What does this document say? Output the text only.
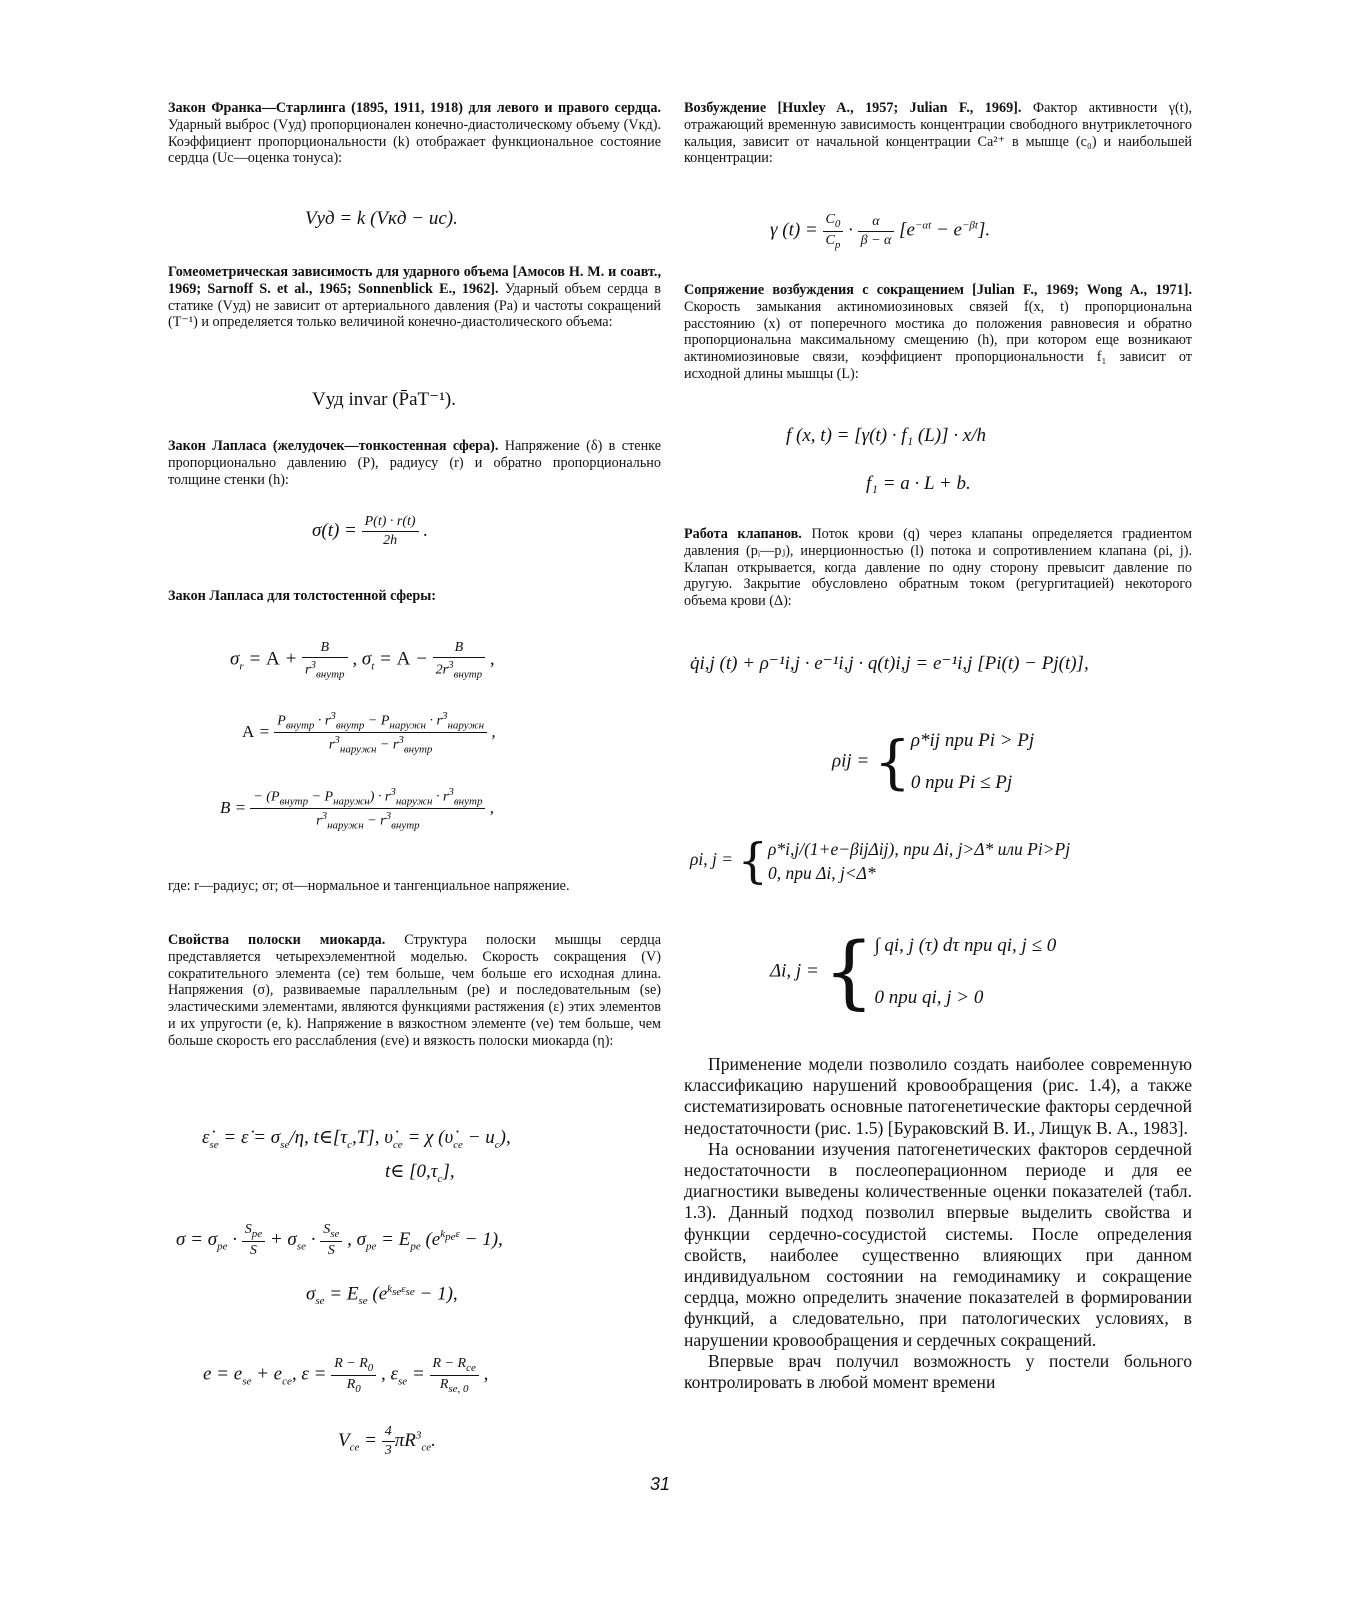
Закон Франка—Старлинга (1895, 1911, 1918) для левого и правого сердца. Ударный выброс (Vуд) пропорционален конечно-диастолическому объему (Vкд). Коэффициент пропорциональности (k) отображает функциональное состояние сердца (Uс—оценка тонуса):

Vуд = k (Vкд − uс).

Гомеометрическая зависимость для ударного объема [Амосов Н. М. и соавт., 1969; Sarnoff S. et al., 1965; Sonnenblick E., 1962]. Ударный объем сердца в статике (Vуд) не зависит от артериального давления (Pа) и частоты сокращений (T⁻¹) и определяется только величиной конечно-диастолического объема:

Vуд invar (P̄аT⁻¹).

Закон Лапласа (желудочек—тонкостенная сфера). Напряжение (δ) в стенке пропорционально давлению (P), радиусу (r) и обратно пропорционально толщине стенки (h):

$\sigma(t) = \frac{P(t) \cdot r(t)}{2h}$ .

Закон Лапласа для толстостенной сферы:

$\sigma_r = A + \frac{B}{r^3_{внутр}}$ , $\sigma_t = A - \frac{B}{2r^3_{внутр}}$ ,
$A = \frac{P_{внутр} \cdot r^3_{внутр} - P_{наружн} \cdot r^3_{наружн}}{r^3_{наружн} - r^3_{внутр}}$ ,
$B = \frac{- (P_{внутр} - P_{наружн}) \cdot r^3_{наружн} \cdot r^3_{внутр}}{r^3_{наружн} - r^3_{внутр}}$ ,

где: r—радиус; σr; σt—нормальное и тангенциальное напряжение.

Свойства полоски миокарда. Структура полоски мышцы сердца представляется четырехэлементной моделью. Скорость сокращения (V) сократительного элемента (ce) тем больше, чем больше его исходная длина. Напряжения (σ), развиваемые параллельным (pe) и последовательным (se) эластическими элементами, являются функциями растяжения (ε) этих элементов и их упругости (e, k). Напряжение в вязкостном элементе (ve) тем больше, чем больше скорость его расслабления (εve) и вязкость полоски миокарда (η):

$\varepsiloṅ_{se}$ = ε̇ = $\sigma_{se}/\eta$, $t\in[\tau_c,T]$, $\upsiloṅ_{ce} = \chi$ $(\upsiloṅ_{ce} - u_c)$,
t∈ $[0,\tau_c]$,
$\sigma = \sigma_{pe} \cdot \frac{S_{pe}}{S} + \sigma_{se} \cdot \frac{S_{se}}{S}$ , $\sigma_{pe} = E_{pe}$ $(e^{k_{pe}\varepsilon} - 1)$,
$\sigma_{se} = E_{se}$ $(e^{k_{se}\varepsilon_{se}} - 1)$,
$e = e_{se} + e_{ce}$, $\varepsilon = \frac{R - R_0}{R_0}$ , $\varepsilon_{se} = \frac{R - R_{ce}}{R_{se, 0}}$ ,
$V_{ce} = \frac{4}{3} \pi R^3_{ce}$.

Возбуждение [Huxley A., 1957; Julian F., 1969]. Фактор активности γ(t), отражающий временную зависимость концентрации свободного внутриклеточного кальция, зависит от начальной концентрации Ca²⁺ в мышце (c₀) и наибольшей концентрации:

γ $(t) = \frac{C_0}{C_p} \cdot \frac{\alpha}{\beta - \alpha} [e^{-\alpha t} - e^{-\beta t}]$.

Сопряжение возбуждения с сокращением [Julian F., 1969; Wong A., 1971]. Скорость замыкания актиномиозиновых связей f(x, t) пропорциональна расстоянию (x) от поперечного мостика до положения равновесия и обратно пропорциональна максимальному смещению (h), при котором еще возникают актиномиозиновые связи, коэффициент пропорциональности f₁ зависит от исходной длины мышцы (L):

f (x, t) = [γ(t) · f₁ (L)] · x/h
f₁ = a · L + b.

Работа клапанов. Поток крови (q) через клапаны определяется градиентом давления (pᵢ—pⱼ), инерционностью (l) потока и сопротивлением клапана (ρi, j). Клапан открывается, когда давление по одну сторону превысит давление по другую. Закрытие обусловлено обратным током (регургитацией) некоторого объема крови (Δ):

q̇i,j (t) + ρ⁻¹i,j · e⁻¹i,j · q(t)i,j = e⁻¹i,j [Pi(t) − Pj(t)],
ρij = {ρ*ij при Pi > Pj
0 при Pi ≤ Pj
ρi, j = {ρ*i,j/(1+e−βijΔij), при Δi, j>Δ* или Pi>Pj
0, при Δi, j<Δ*
Δi, j = {∫ qi, j (τ) dτ при qi, j ≤ 0
0 при qi, j > 0

Применение модели позволило создать наиболее современную классификацию нарушений кровообращения (рис. 1.4), а также систематизировать основные патогенетические факторы сердечной недостаточности (рис. 1.5) [Бураковский В. И., Лищук В. А., 1983].

На основании изучения патогенетических факторов сердечной недостаточности в послеоперационном периоде и для ее диагностики выведены количественные оценки показателей (табл. 1.3). Данный подход позволил впервые выделить свойства и функции сердечно-сосудистой системы. После определения свойств, наиболее существенно влияющих при данном индивидуальном состоянии на гемодинамику и сокращение сердца, можно определить значение показателей в формировании функций, а следовательно, при патологических условиях, в нарушении кровообращения и сердечных сокращений.

Впервые врач получил возможность у постели больного контролировать в любой момент времени

31
